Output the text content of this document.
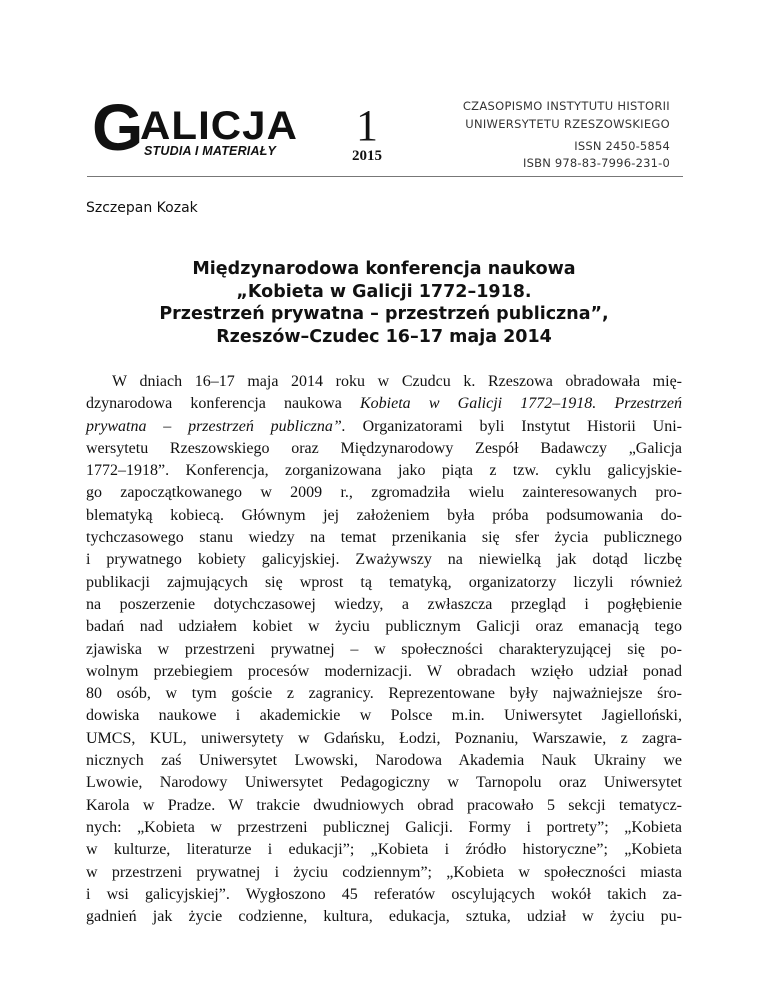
G
ALICJA
STUDIA I MATERIAŁY
1
2015
CZASOPISMO INSTYTUTU HISTORII
UNIWERSYTETU RZESZOWSKIEGO
ISSN 2450-5854
ISBN 978-83-7996-231-0
Szczepan Kozak
Międzynarodowa konferencja naukowa
„Kobieta w Galicji 1772–1918.
Przestrzeń prywatna – przestrzeń publiczna”,
Rzeszów–Czudec 16–17 maja 2014
W dniach 16–17 maja 2014 roku w Czudcu k. Rzeszowa obradowała mię-
dzynarodowa konferencja naukowa Kobieta w Galicji 1772–1918. Przestrzeń
prywatna – przestrzeń publiczna”. Organizatorami byli Instytut Historii Uni-
wersytetu Rzeszowskiego oraz Międzynarodowy Zespół Badawczy „Galicja
1772–1918”. Konferencja, zorganizowana jako piąta z tzw. cyklu galicyjskie-
go zapoczątkowanego w 2009 r., zgromadziła wielu zainteresowanych pro-
blematyką kobiecą. Głównym jej założeniem była próba podsumowania do-
tychczasowego stanu wiedzy na temat przenikania się sfer życia publicznego
i prywatnego kobiety galicyjskiej. Zważywszy na niewielką jak dotąd liczbę
publikacji zajmujących się wprost tą tematyką, organizatorzy liczyli również
na poszerzenie dotychczasowej wiedzy, a zwłaszcza przegląd i pogłębienie
badań nad udziałem kobiet w życiu publicznym Galicji oraz emanacją tego
zjawiska w przestrzeni prywatnej – w społeczności charakteryzującej się po-
wolnym przebiegiem procesów modernizacji. W obradach wzięło udział ponad
80 osób, w tym goście z zagranicy. Reprezentowane były najważniejsze śro-
dowiska naukowe i akademickie w Polsce m.in. Uniwersytet Jagielloński,
UMCS, KUL, uniwersytety w Gdańsku, Łodzi, Poznaniu, Warszawie, z zagra-
nicznych zaś Uniwersytet Lwowski, Narodowa Akademia Nauk Ukrainy we
Lwowie, Narodowy Uniwersytet Pedagogiczny w Tarnopolu oraz Uniwersytet
Karola w Pradze. W trakcie dwudniowych obrad pracowało 5 sekcji tematycz-
nych: „Kobieta w przestrzeni publicznej Galicji. Formy i portrety”; „Kobieta
w kulturze, literaturze i edukacji”; „Kobieta i źródło historyczne”; „Kobieta
w przestrzeni prywatnej i życiu codziennym”; „Kobieta w społeczności miasta
i wsi galicyjskiej”. Wygłoszono 45 referatów oscylujących wokół takich za-
gadnień jak życie codzienne, kultura, edukacja, sztuka, udział w życiu pu-
